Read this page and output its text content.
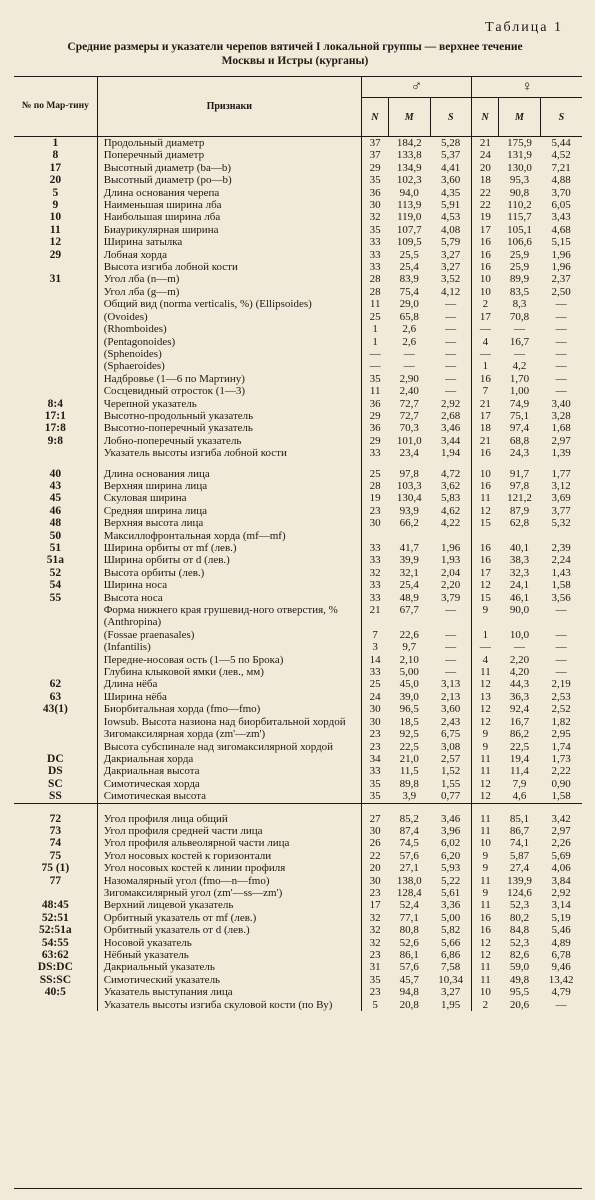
Таблица 1
Средние размеры и указатели черепов вятичей I локальной группы — верхнее течение Москвы и Истры (курганы)
№ по Мар-тину	Признаки	♂			♀		
		N	M	S	N	M	S
1	Продольный диаметр	37	184,2	5,28	21	175,9	5,44
8	Поперечный диаметр	37	133,8	5,37	24	131,9	4,52
17	Высотный диаметр (ba—b)	29	134,9	4,41	20	130,0	7,21
20	Высотный диаметр (po—b)	35	102,3	3,60	18	95,3	4,88
5	Длина основания черепа	36	94,0	4,35	22	90,8	3,70
9	Наименьшая ширина лба	30	113,9	5,91	22	110,2	6,05
10	Наибольшая ширина лба	32	119,0	4,53	19	115,7	3,43
11	Биаурикулярная ширина	35	107,7	4,08	17	105,1	4,68
12	Ширина затылка	33	109,5	5,79	16	106,6	5,15
29	Лобная хорда	33	25,5	3,27	16	25,9	1,96
	Высота изгиба лобной кости	33	25,4	3,27	16	25,9	1,96
31	Угол лба (n—m)	28	83,9	3,52	10	89,9	2,37
	Угол лба (g—m)	28	75,4	4,12	10	83,5	2,50
	Общий вид (norma verticalis, %) (Ellipsoides)	11	29,0	—	2	8,3	—
	(Ovoides)	25	65,8	—	17	70,8	—
	(Rhomboides)	1	2,6	—	—	—	—
	(Pentagonoides)	1	2,6	—	4	16,7	—
	(Sphenoides)	—	—	—	—	—	—
	(Sphaeroides)	—	—	—	1	4,2	—
	Надбровье (1—6 по Мартину)	35	2,90	—	16	1,70	—
	Сосцевидный отросток (1—3)	11	2,40	—	7	1,00	—
8:4	Черепной указатель	36	72,7	2,92	21	74,9	3,40
17:1	Высотно-продольный указатель	29	72,7	2,68	17	75,1	3,28
17:8	Высотно-поперечный указатель	36	70,3	3,46	18	97,4	1,68
9:8	Лобно-поперечный указатель	29	101,0	3,44	21	68,8	2,97
	Указатель высоты изгиба лобной кости	33	23,4	1,94	16	24,3	1,39
40	Длина основания лица	25	97,8	4,72	10	91,7	1,77
43	Верхняя ширина лица	28	103,3	3,62	16	97,8	3,12
45	Скуловая ширина	19	130,4	5,83	11	121,2	3,69
46	Средняя ширина лица	23	93,9	4,62	12	87,9	3,77
48	Верхняя высота лица	30	66,2	4,22	15	62,8	5,32
50	Максиллофронтальная хорда (mf—mf)						
51	Ширина орбиты от mf (лев.)	33	41,7	1,96	16	40,1	2,39
51a	Ширина орбиты от d (лев.)	33	39,9	1,93	16	38,3	2,24
52	Высота орбиты (лев.)	32	32,1	2,04	17	32,3	1,43
54	Ширина носа	33	25,4	2,20	12	24,1	1,58
55	Высота носа	33	48,9	3,79	15	46,1	3,56
	Форма нижнего края грушевид-ного отверстия, % (Anthropina)	21	67,7	—	9	90,0	—
	(Fossae praenasales)	7	22,6	—	1	10,0	—
	(Infantilis)	3	9,7	—	—	—	—
	Передне-носовая ость (1—5 по Брока)	14	2,10	—	4	2,20	—
	Глубина клыковой ямки (лев., мм)	33	5,00	—	11	4,20	—
62	Длина нёба	25	45,0	3,13	12	44,3	2,19
63	Ширина нёба	24	39,0	2,13	13	36,3	2,53
43(1)	Биорбитальная хорда (fmo—fmo)	30	96,5	3,60	12	92,4	2,52
	Iowsub. Высота назиона над биорбитальной хордой	30	18,5	2,43	12	16,7	1,82
	Зигомаксилярная хорда (zm'—zm')	23	92,5	6,75	9	86,2	2,95
	Высота субспинале над зигомаксилярной хордой	23	22,5	3,08	9	22,5	1,74
DC	Дакриальная хорда	34	21,0	2,57	11	19,4	1,73
DS	Дакриальная высота	33	11,5	1,52	11	11,4	2,22
SC	Симотическая хорда	35	89,8	1,55	12	7,9	0,90
SS	Симотическая высота	35	3,9	0,77	12	4,6	1,58
72	Угол профиля лица общий	27	85,2	3,46	11	85,1	3,42
73	Угол профиля средней части лица	30	87,4	3,96	11	86,7	2,97
74	Угол профиля альвеолярной части лица	26	74,5	6,02	10	74,1	2,26
75	Угол носовых костей к горизонтали	22	57,6	6,20	9	5,87	5,69
75 (1)	Угол носовых костей к линии профиля	20	27,1	5,93	9	27,4	4,06
77	Назомалярный угол (fmo—n—fmo)	30	138,0	5,22	11	139,9	3,84
	Зигомаксилярный угол (zm'—ss—zm')	23	128,4	5,61	9	124,6	2,92
48:45	Верхний лицевой указатель	17	52,4	3,36	11	52,3	3,14
52:51	Орбитный указатель от mf (лев.)	32	77,1	5,00	16	80,2	5,19
52:51a	Орбитный указатель от d (лев.)	32	80,8	5,82	16	84,8	5,46
54:55	Носовой указатель	32	52,6	5,66	12	52,3	4,89
63:62	Нёбный указатель	23	86,1	6,86	12	82,6	6,78
DS:DC	Дакриальный указатель	31	57,6	7,58	11	59,0	9,46
SS:SC	Симотический указатель	35	45,7	10,34	11	49,8	13,42
40:5	Указатель выступания лица	23	94,8	3,27	10	95,5	4,79
	Указатель высоты изгиба скуловой кости (по Ву)	5	20,8	1,95	2	20,6	—
